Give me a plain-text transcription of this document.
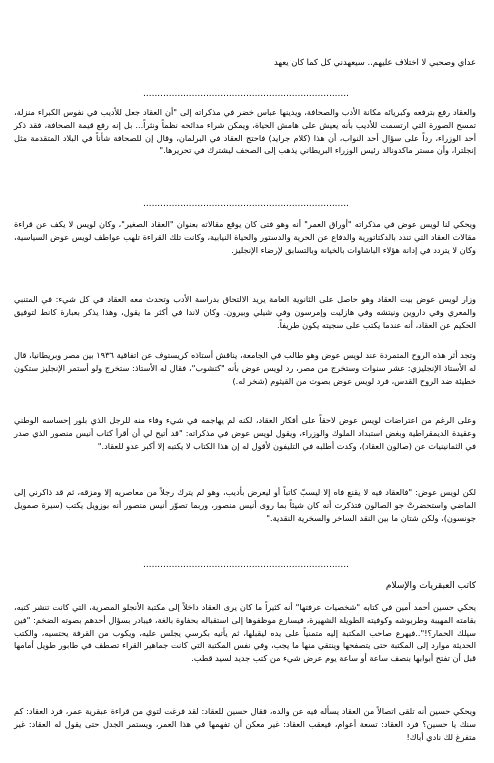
عداي وصحبي لا اختلاف عليهم.. سيعهدني كل كما كان يعهد

........................................................................

والعقاد رفع بترفعه وكبريائه مكانة الأدب والصحافة، ويدينها عباس خضر في مذكراته إلى "أن العقاد جعل للأديب في نفوس الكبراء منزلة، تمسح الصورة التي ارتسمت للأديب بأنه يعيش على هامش الحياة، ويمكن شراء مدائحه نظماً ونثراً... بل إنه رفع قيمة الصحافة، فقد ذكر أحد الوزراء، رداً على سؤال أحد النواب، أن هذا (كلام جرايد) فاحتج العقاد في البرلمان، وقال إن للصحافة شأناً في البلاد المتقدمة مثل إنجلترا، وأن مستر ماكدونالد رئيس الوزراء البريطاني يذهب إلى الصحف ليشترك في تحريرها."

........................................................................

ويحكي لنا لويس عوض في مذكراته "أوراق العمر" أنه وهو فتى كان يوقع مقالاته بعنوان "العقاد الصغير"، وكان لويس لا يكف عن قراءة مقالات العقاد التي تندد بالدكتاتورية والدفاع عن الحرية والدستور والحياة النيابية، وكانت تلك القراءة تلهب عواطف لويس عوض السياسية، وكان لا يتردد في إدانة هؤلاء الباشاوات بالخيانة وبالتسابق لإرضاء الإنجليز.

وزار لويس عوض بيت العقاد وهو حاصل على الثانوية العامة يريد الالتحاق بدراسة الأدب وتحدث معه العقاد في كل شيء: في المتنبي والمعري وفي داروين ونيتشه وفي هازليت وإمرسون وفي شيلي وبيرون. وكان لاندا في أكثر ما يقول، وهذا يذكر بعبارة كانط لتوفيق الحكيم عن العقاد، أنه عندما يكتب على سجيته يكون طريفاً.

وتجد أثر هذه الروح المتمردة عند لويس عوض وهو طالب في الجامعة، يناقش أستاذه كريستوف عن اتفاقية ١٩٣٦ بين مصر وبريطانيا، قال له الأستاذ الإنجليزي: عشر سنوات وستخرج من مصر، رد لويس عوض بأنه "كتشوب"، فقال له الأستاذ: ستخرج ولو أستمر الإنجليز ستكون خطيئة ضد الروح القدس، فرد لويس عوض بصوت من القيثوم (شخر له.)

وعلى الرغم من اعتراضات لويس عوض لاحقاً على أفكار العقاد، لكنه لم يهاجمه في شيء وفاء منه للرجل الذي بلور إحساسه الوطني وعقيدة الديمقراطية وبغض استبداد الملوك والوزراء، ويقول لويس عوض في مذكراته: "قد أتيح لي أن أقرأ كتاب أنيس منصور الذي صدر في الثمانينيات عن (صالون العقاد)، وكدت أطلبه في التليفون لأقول له إن هذا الكتاب لا يكتبه إلا أكبر عدو للعقاد."

لكن لويس عوض: "فالعقاد فيه لا يقنع فاه إلا ليسبّ كاتباً أو ليعرض بأديب، وهو لم يترك رجلاً من معاصريه إلا ومزقه، ثم قد ذاكرني إلى الماضي واستحضرتْ جو الصالون فتذكرت أنه كان شيئاً بما روى أنيس منصور، وربما تصوّر أنيس منصور أنه بوزويل يكتب (سيرة صمويل جونسون)، ولكن شتان ما بين النقد الساخر والسخرية النقدية."

........................................................................

كاتب العبقريات والإسلام

يحكي حسين أحمد أمين في كتابه "شخصيات عرفتها" أنه كثيراً ما كان يرى العقاد داخلاً إلى مكتبة الأنجلو المصرية، التي كانت تنشر كتبه، بقامته المهيبة وطربوشه وكوفيته الطويلة الشهيرة، فيسارع موظفوها إلى استقباله بحفاوة بالغة، فيبادر بسؤال أحدهم بصوته الضخم: "فين سيلك الحمار؟!"..فيهرع صاحب المكتبة إليه متمنياً على يده ليقبلها، ثم يأتيه بكرسي يجلس عليه، ويكوب من القرفة يحتسيه، والكتب الحديثة موارد إلى المكتبة حتى يتصفحها وينتقي منها ما يجب، وفي نفس المكتبة التي كانت جماهير القراء تصطف في طابور طويل أمامها قبل أن تفتح أبوابها بنصف ساعة أو ساعة يوم عرض شيء من كتب جديد لسيد قطب.

ويحكي حسين أنه تلقى اتصالاً من العقاد يسأله فيه عن والده، فقال حسين للعقاد: لقد فرغت لتوي من قراءة عبقرية عمر، فرد العقاد: كم سنك يا حسين؟ فرد العقاد: تسعة أعوام، فيعقب العقاد: غير معكن أن تفهمها في هذا العمر، ويستمر الجدل حتى يقول له العقاد: غير متفرغ لك نادي أباك!
